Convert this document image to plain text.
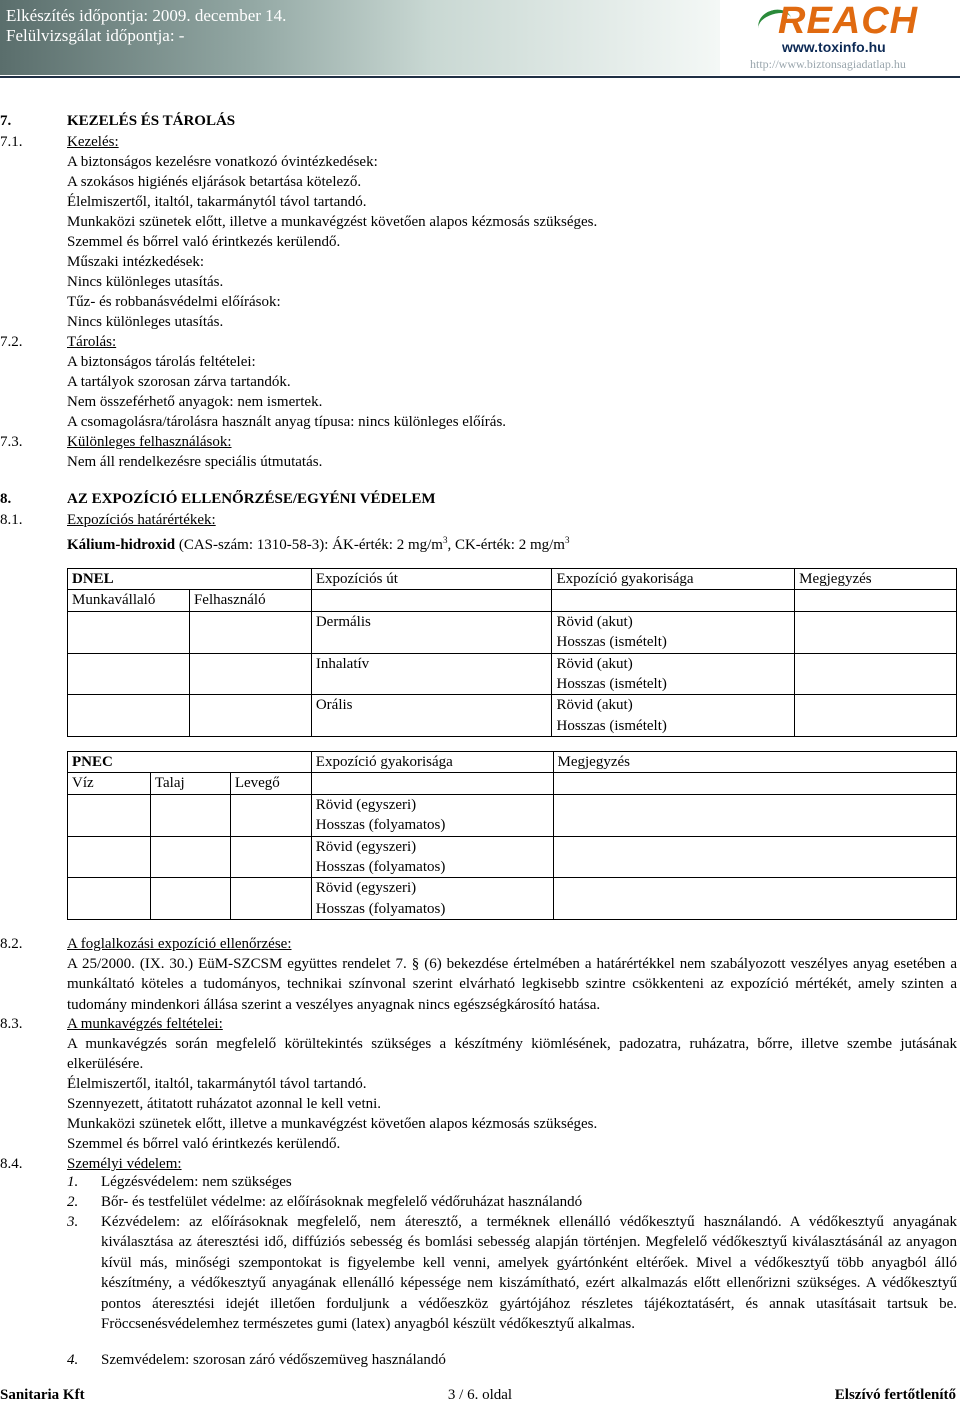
Elkészítés időpontja: 2009. december 14.
Felülvizsgálat időpontja: -	REACH
www.toxinfo.hu
http://www.biztonsagiadatlap.hu
7.	KEZELÉS ÉS TÁROLÁS
7.1.	Kezelés:
A biztonságos kezelésre vonatkozó óvintézkedések:
A szokásos higiénés eljárások betartása kötelező.
Élelmiszertől, italtól, takarmánytól távol tartandó.
Munkaközi szünetek előtt, illetve a munkavégzést követően alapos kézmosás szükséges.
Szemmel és bőrrel való érintkezés kerülendő.
Műszaki intézkedések:
Nincs különleges utasítás.
Tűz- és robbanásvédelmi előírások:
Nincs különleges utasítás.
7.2.	Tárolás:
A biztonságos tárolás feltételei:
A tartályok szorosan zárva tartandók.
Nem összeférhető anyagok: nem ismertek.
A csomagolásra/tárolásra használt anyag típusa: nincs különleges előírás.
7.3.	Különleges felhasználások:
Nem áll rendelkezésre speciális útmutatás.
8.	AZ EXPOZÍCIÓ ELLENŐRZÉSE/EGYÉNI VÉDELEM
8.1.	Expozíciós határértékek:
Kálium-hidroxid (CAS-szám: 1310-58-3): ÁK-érték: 2 $mg/m^3$, CK-érték: 2 $mg/m^3$
DNEL		Expozíciós út	Expozíció gyakorisága	Megjegyzés
Munkavállaló	Felhasználó			
		Dermális	Rövid (akut)
Hosszas (ismételt)	

		Inhalatív	Rövid (akut)
Hosszas (ismételt)	

		Orális	Rövid (akut)
Hosszas (ismételt)	

PNEC			Expozíció gyakorisága	Megjegyzés
Víz	Talaj	Levegő		

			Rövid (egyszeri)
Hosszas (folyamatos)	

			Rövid (egyszeri)
Hosszas (folyamatos)	

			Rövid (egyszeri)
Hosszas (folyamatos)	

8.2.	A foglalkozási expozíció ellenőrzése:
A 25/2000. (IX. 30.) EüM-SZCSM együttes rendelet 7. § (6) bekezdése értelmében a határértékkel nem szabályozott veszélyes anyag esetében a munkáltató köteles a tudományos, technikai színvonal szerint elvárható legkisebb szintre csökkenteni az expozíció mértékét, amely szinten a tudomány mindenkori állása szerint a veszélyes anyagnak nincs egészségkárosító hatása.
8.3.	A munkavégzés feltételei:
A munkavégzés során megfelelő körültekintés szükséges a készítmény kiömlésének, padozatra, ruházatra, bőrre, illetve szembe jutásának elkerülésére.
Élelmiszertől, italtól, takarmánytól távol tartandó.
Szennyezett, átitatott ruházatot azonnal le kell vetni.
Munkaközi szünetek előtt, illetve a munkavégzést követően alapos kézmosás szükséges.
Szemmel és bőrrel való érintkezés kerülendő.
8.4.	Személyi védelem:
1. Légzésvédelem: nem szükséges
2. Bőr- és testfelület védelme: az előírásoknak megfelelő védőruházat használandó
3. Kézvédelem: az előírásoknak megfelelő, nem áteresztő, a terméknek ellenálló védőkesztyű használandó. A védőkesztyű anyagának kiválasztása az áteresztési idő, diffúziós sebesség és bomlási sebesség alapján történjen. Megfelelő védőkesztyű kiválasztásánál az anyagon kívül más, minőségi szempontokat is figyelembe kell venni, amelyek gyártónként eltérőek. Mivel a védőkesztyű több anyagból álló készítmény, a védőkesztyű anyagának ellenálló képessége nem kiszámítható, ezért alkalmazás előtt ellenőrizni szükséges. A védőkesztyű pontos áteresztési idejét illetően forduljunk a védőeszköz gyártójához részletes tájékoztatásért, és annak utasításait tartsuk be. Fröccsenésvédelemhez természetes gumi (latex) anyagból készült védőkesztyű alkalmas.
4. Szemvédelem: szorosan záró védőszemüveg használandó
Sanitaria Kft	3 / 6. oldal	Elszívó fertőtlenítő
